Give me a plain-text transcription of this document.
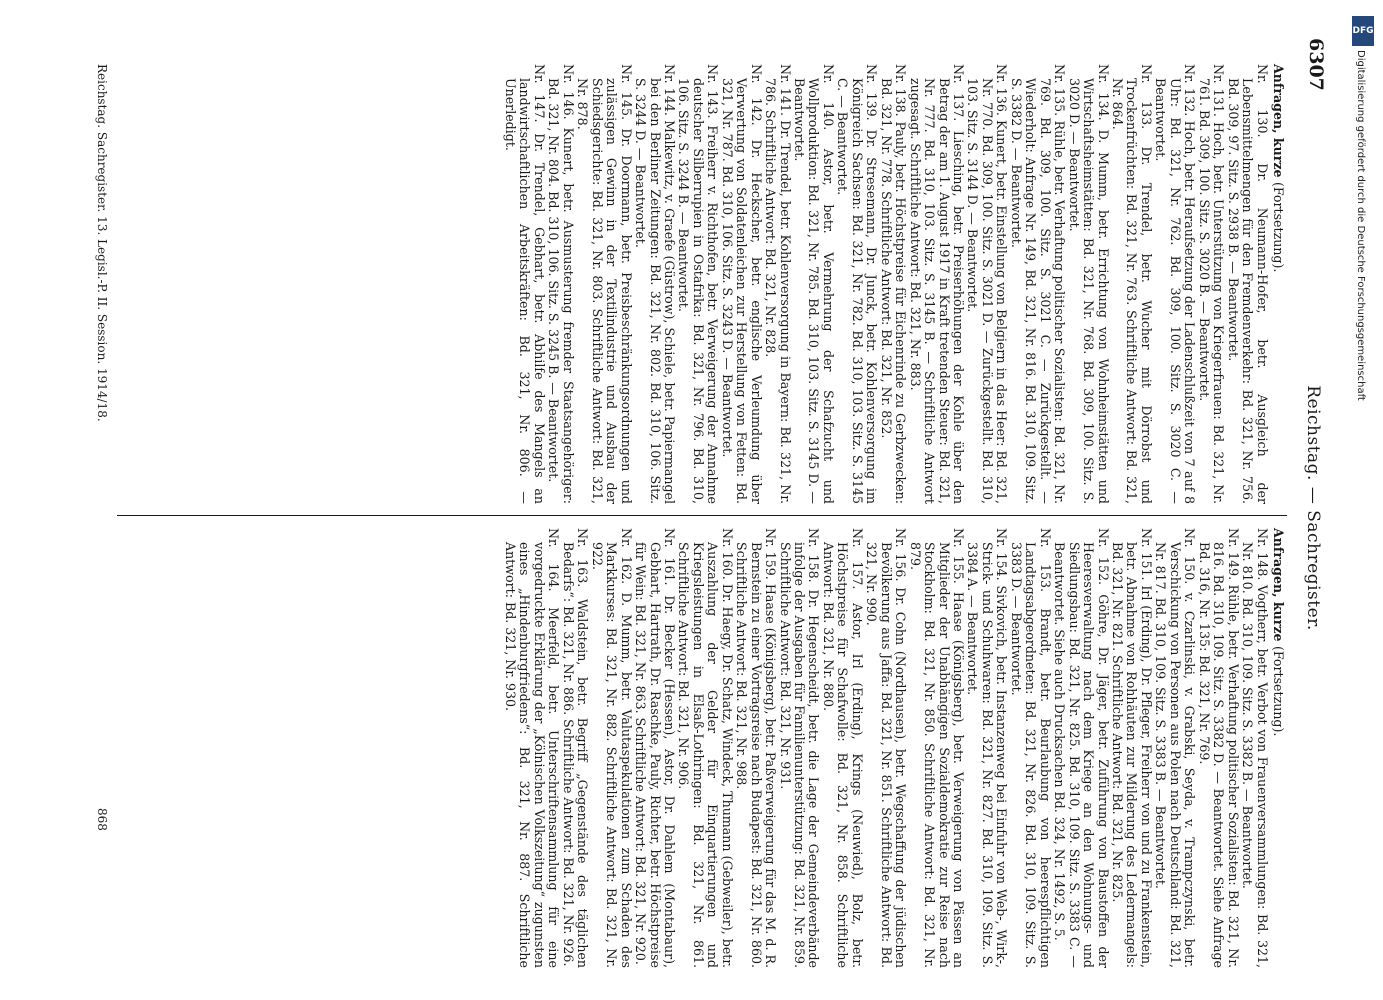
6307
Reichstag. — Sachregister.
Anfragen, kurze (Fortsetzung).

Nr. 130. Dr. Neumann-Hofer, betr. Ausgleich der Lebensmittelmengen für den Fremdenverkehr: Bd. 321, Nr. 756. Bd. 309, 97. Sitz. S. 2938 B. — Beantwortet.

Nr. 131. Hoch, betr. Unterstützung von Kriegerfrauen: Bd. 321, Nr. 761. Bd. 309, 100. Sitz. S. 3020 B. — Beantwortet.

Nr. 132. Hoch, betr. Heraufsetzung der Ladenschlußzeit von 7 auf 8 Uhr: Bd. 321, Nr. 762. Bd. 309, 100. Sitz. S. 3020 C. — Beantwortet.

Nr. 133. Dr. Trendel, betr. Wucher mit Dörrobst und Trockenfrüchten: Bd. 321, Nr. 763. Schriftliche Antwort: Bd. 321, Nr. 864.

Nr. 134. D. Mumm, betr. Errichtung von Wohnheimstätten und Wirtschaftsheimstätten: Bd. 321, Nr. 768. Bd. 309, 100. Sitz. S. 3020 D. — Beantwortet.

Nr. 135. Rühle, betr. Verhaftung politischer Sozialisten: Bd. 321, Nr. 769. Bd. 309, 100. Sitz. S. 3021 C. — Zurückgestellt. — Wiederholt: Anfrage Nr. 149, Bd. 321, Nr. 816. Bd. 310, 109. Sitz. S. 3382 D. — Beantwortet.

Nr. 136. Kunert, betr. Einstellung von Belgiern in das Heer: Bd. 321, Nr. 770. Bd. 309, 100. Sitz. S. 3021 D. — Zurückgestellt. Bd. 310, 103. Sitz. S. 3144 D. — Beantwortet.

Nr. 137. Liesching, betr. Preiserhöhungen der Kohle über den Betrag der am 1. August 1917 in Kraft tretenden Steuer: Bd. 321, Nr. 777. Bd. 310, 103. Sitz. S. 3145 B. — Schriftliche Antwort zugesagt. Schriftliche Antwort: Bd. 321, Nr. 883.

Nr. 138. Pauly, betr. Höchstpreise für Eichenrinde zu Gerbzwecken: Bd. 321, Nr. 778. Schriftliche Antwort: Bd. 321, Nr. 852.

Nr. 139. Dr. Stresemann, Dr. Junck, betr. Kohlenversorgung im Königreich Sachsen: Bd. 321, Nr. 782. Bd. 310, 103. Sitz. S. 3145 C. — Beantwortet.

Nr. 140. Astor, betr. Vermehrung der Schafzucht und Wollproduktion: Bd. 321, Nr. 785. Bd. 310, 103. Sitz. S. 3145 D. — Beantwortet.

Nr. 141. Dr. Trendel, betr. Kohlenversorgung in Bayern: Bd. 321, Nr. 786. Schriftliche Antwort: Bd. 321, Nr. 828.

Nr. 142. Dr. Heckscher, betr. englische Verleumdung über Verwertung von Soldatenleichen zur Herstellung von Fetten: Bd. 321, Nr. 787. Bd. 310, 106. Sitz. S. 3243 D. — Beantwortet.

Nr. 143. Freiherr v. Richthofen, betr. Verweigerung der Annahme deutscher Silberrupien in Ostafrika: Bd. 321, Nr. 796. Bd. 310, 106. Sitz. S. 3244 B. — Beantwortet.

Nr. 144. Malkewitz, v. Graefe (Güstrow), Schiele, betr. Papiermangel bei den Berliner Zeitungen: Bd. 321, Nr. 802. Bd. 310, 106. Sitz. S. 3244 D. — Beantwortet.

Nr. 145. Dr. Doormann, betr. Preisbeschränkungsordnungen und zulässigen Gewinn in der Textilindustrie und Ausbau der Schiedsgerichte: Bd. 321, Nr. 803. Schriftliche Antwort: Bd. 321, Nr. 878.

Nr. 146. Kunert, betr. Ausmusterung fremder Staatsangehöriger: Bd. 321, Nr. 804. Bd. 310, 106. Sitz. S. 3245 B. — Beantwortet.

Nr. 147. Dr. Trendel, Gebhart, betr. Abhilfe des Mangels an landwirtschaftlichen Arbeitskräften: Bd. 321, Nr. 806. — Unerledigt.

Anfragen, kurze (Fortsetzung).

Nr. 148. Vogtherr, betr. Verbot von Frauenversammlungen: Bd. 321, Nr. 810. Bd. 310, 109. Sitz. S. 3382 B. — Beantwortet.

Nr. 149. Rühle, betr. Verhaftung politischer Sozialisten: Bd. 321, Nr. 816. Bd. 310, 109. Sitz. S. 3382 D. — Beantwortet. Siehe Anfrage Bd. 316, Nr. 135: Bd. 321, Nr. 769.

Nr. 150. v. Czarlinski, v. Grabski, Seyda, v. Trampczynski, betr. Verschickung von Personen aus Polen nach Deutschland: Bd. 321, Nr. 817. Bd. 310, 109. Sitz. S. 3383 B. — Beantwortet.

Nr. 151. Irl (Erding), Dr. Pfleger, Freiherr von und zu Frankenstein, betr. Abnahme von Rohhäuten zur Milderung des Ledermangels: Bd. 321, Nr. 821. Schriftliche Antwort: Bd. 321, Nr. 825.

Nr. 152. Göhre, Dr. Jäger, betr. Zuführung von Baustoffen der Heeresverwaltung nach dem Kriege an den Wohnungs- und Siedlungsbau: Bd. 321, Nr. 825. Bd. 310, 109. Sitz. S. 3383 C. — Beantwortet. Siehe auch Drucksachen Bd. 324, Nr. 1492, S. 5.

Nr. 153. Brandt, betr. Beurlaubung von heerespflichtigen Landtagsabgeordneten: Bd. 321, Nr. 826. Bd. 310, 109. Sitz. S. 3383 D. — Beantwortet.

Nr. 154. Sivkovich, betr. Instanzenweg bei Einfuhr von Web-, Wirk-, Strick- und Schuhwaren: Bd. 321, Nr. 827. Bd. 310, 109. Sitz. S. 3384 A. — Beantwortet.

Nr. 155. Haase (Königsberg), betr. Verweigerung von Pässen an Mitglieder der Unabhängigen Sozialdemokratie zur Reise nach Stockholm: Bd. 321, Nr. 850. Schriftliche Antwort: Bd. 321, Nr. 879.

Nr. 156. Dr. Cohn (Nordhausen), betr. Wegschaffung der jüdischen Bevölkerung aus Jaffa: Bd. 321, Nr. 851. Schriftliche Antwort: Bd. 321, Nr. 990.

Nr. 157. Astor, Irl (Erding), Krings (Neuwied), Bolz, betr. Höchstpreise für Schafwolle: Bd. 321, Nr. 858. Schriftliche Antwort: Bd. 321, Nr. 880.

Nr. 158. Dr. Hegenscheidt, betr. die Lage der Gemeindeverbände infolge der Ausgaben für Familienunterstützung: Bd. 321, Nr. 859. Schriftliche Antwort: Bd. 321, Nr. 931.

Nr. 159. Haase (Königsberg), betr. Paßverweigerung für das M. d. R. Bernstein zu einer Vortragsreise nach Budapest: Bd. 321, Nr. 860. Schriftliche Antwort: Bd. 321, Nr. 988.

Nr. 160. Dr. Haegy, Dr. Schatz, Windeck, Thumann (Gebweiler), betr. Auszahlung der Gelder für Einquartierungen und Kriegsleistungen in Elsaß-Lothringen: Bd. 321, Nr. 861. Schriftliche Antwort: Bd. 321, Nr. 906.

Nr. 161. Dr. Becker (Hessen), Astor, Dr. Dahlem (Montabaur), Gebhart, Hartrath, Dr. Raschke, Pauly, Richter, betr. Höchstpreise für Wein: Bd. 321, Nr. 863. Schriftliche Antwort: Bd. 321, Nr. 920.

Nr. 162. D. Mumm, betr. Valutaspekulationen zum Schaden des Markkurses: Bd. 321, Nr. 882. Schriftliche Antwort: Bd. 321, Nr. 922.

Nr. 163. Waldstein, betr. Begriff „Gegenstände des täglichen Bedarfs“: Bd. 321, Nr. 886. Schriftliche Antwort: Bd. 321, Nr. 926.

Nr. 164. Meerfeld, betr. Unterschriftensammlung für eine vorgedruckte Erklärung der „Kölnischen Volkszeitung“ zugunsten eines „Hindenburgfriedens“: Bd. 321, Nr. 887. Schriftliche Antwort: Bd. 321, Nr. 930.

Reichstag. Sachregister. 13. Legisl.-P. II. Session. 1914/18.
868
DFG
Digitalisierung gefördert durch die Deutsche Forschungsgemeinschaft
